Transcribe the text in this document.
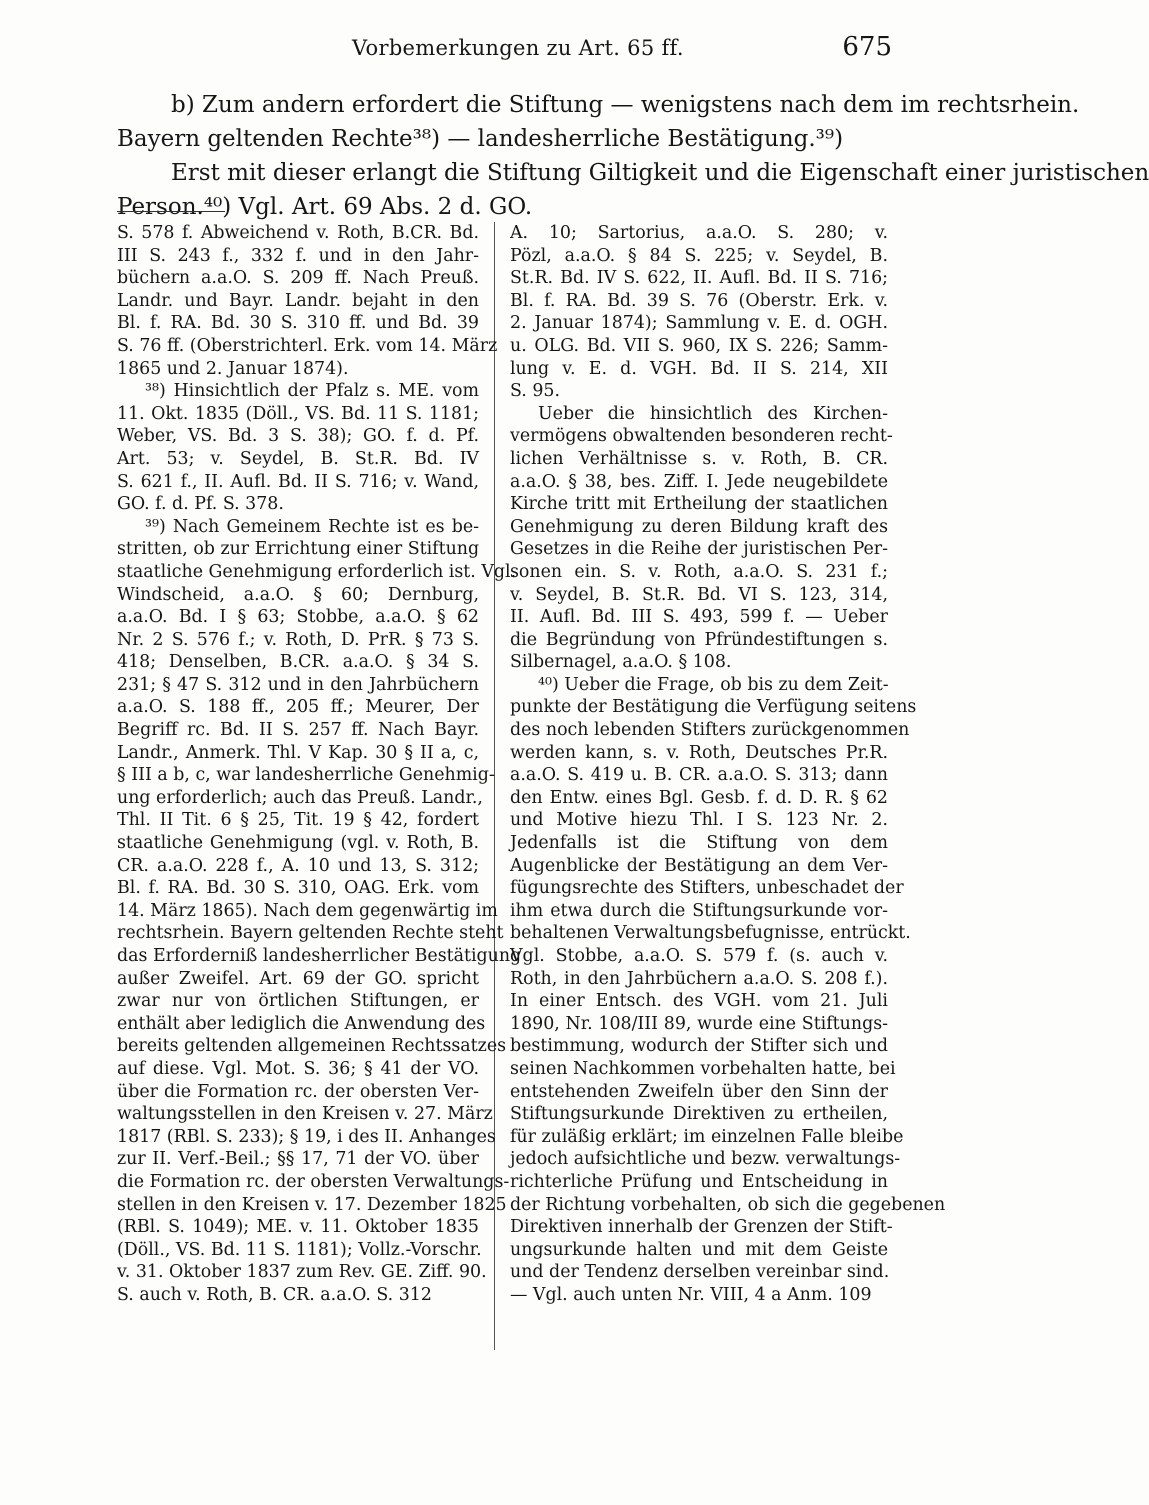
Vorbemerkungen zu Art. 65 ff.	675
b) Zum andern erfordert die Stiftung — wenigstens nach dem im rechtsrhein.
Bayern geltenden Rechte³⁸) — landesherrliche Bestätigung.³⁹)
Erst mit dieser erlangt die Stiftung Giltigkeit und die Eigenschaft einer juristischen
Person.⁴⁰) Vgl. Art. 69 Abs. 2 d. GO.
S. 578 f. Abweichend v. Roth, B.CR. Bd.
III S. 243 f., 332 f. und in den Jahr-
büchern a.a.O. S. 209 ff. Nach Preuß.
Landr. und Bayr. Landr. bejaht in den
Bl. f. RA. Bd. 30 S. 310 ff. und Bd. 39
S. 76 ff. (Oberstrichterl. Erk. vom 14. März
1865 und 2. Januar 1874).
³⁸) Hinsichtlich der Pfalz s. ME. vom
11. Okt. 1835 (Döll., VS. Bd. 11 S. 1181;
Weber, VS. Bd. 3 S. 38); GO. f. d. Pf.
Art. 53; v. Seydel, B. St.R. Bd. IV
S. 621 f., II. Aufl. Bd. II S. 716; v. Wand,
GO. f. d. Pf. S. 378.
³⁹) Nach Gemeinem Rechte ist es be-
stritten, ob zur Errichtung einer Stiftung
staatliche Genehmigung erforderlich ist. Vgl.
Windscheid, a.a.O. § 60; Dernburg,
a.a.O. Bd. I § 63; Stobbe, a.a.O. § 62
Nr. 2 S. 576 f.; v. Roth, D. PrR. § 73 S.
418; Denselben, B.CR. a.a.O. § 34 S.
231; § 47 S. 312 und in den Jahrbüchern
a.a.O. S. 188 ff., 205 ff.; Meurer, Der
Begriff rc. Bd. II S. 257 ff. Nach Bayr.
Landr., Anmerk. Thl. V Kap. 30 § II a, c,
§ III a b, c, war landesherrliche Genehmig-
ung erforderlich; auch das Preuß. Landr.,
Thl. II Tit. 6 § 25, Tit. 19 § 42, fordert
staatliche Genehmigung (vgl. v. Roth, B.
CR. a.a.O. 228 f., A. 10 und 13, S. 312;
Bl. f. RA. Bd. 30 S. 310, OAG. Erk. vom
14. März 1865). Nach dem gegenwärtig im
rechtsrhein. Bayern geltenden Rechte steht
das Erforderniß landesherrlicher Bestätigung
außer Zweifel. Art. 69 der GO. spricht
zwar nur von örtlichen Stiftungen, er
enthält aber lediglich die Anwendung des
bereits geltenden allgemeinen Rechtssatzes
auf diese. Vgl. Mot. S. 36; § 41 der VO.
über die Formation rc. der obersten Ver-
waltungsstellen in den Kreisen v. 27. März
1817 (RBl. S. 233); § 19, i des II. Anhanges
zur II. Verf.-Beil.; §§ 17, 71 der VO. über
die Formation rc. der obersten Verwaltungs-
stellen in den Kreisen v. 17. Dezember 1825
(RBl. S. 1049); ME. v. 11. Oktober 1835
(Döll., VS. Bd. 11 S. 1181); Vollz.-Vorschr.
v. 31. Oktober 1837 zum Rev. GE. Ziff. 90.
S. auch v. Roth, B. CR. a.a.O. S. 312
A. 10; Sartorius, a.a.O. S. 280; v.
Pözl, a.a.O. § 84 S. 225; v. Seydel, B.
St.R. Bd. IV S. 622, II. Aufl. Bd. II S. 716;
Bl. f. RA. Bd. 39 S. 76 (Oberstr. Erk. v.
2. Januar 1874); Sammlung v. E. d. OGH.
u. OLG. Bd. VII S. 960, IX S. 226; Samm-
lung v. E. d. VGH. Bd. II S. 214, XII
S. 95.
Ueber die hinsichtlich des Kirchen-
vermögens obwaltenden besonderen recht-
lichen Verhältnisse s. v. Roth, B. CR.
a.a.O. § 38, bes. Ziff. I. Jede neugebildete
Kirche tritt mit Ertheilung der staatlichen
Genehmigung zu deren Bildung kraft des
Gesetzes in die Reihe der juristischen Per-
sonen ein. S. v. Roth, a.a.O. S. 231 f.;
v. Seydel, B. St.R. Bd. VI S. 123, 314,
II. Aufl. Bd. III S. 493, 599 f. — Ueber
die Begründung von Pfründestiftungen s.
Silbernagel, a.a.O. § 108.
⁴⁰) Ueber die Frage, ob bis zu dem Zeit-
punkte der Bestätigung die Verfügung seitens
des noch lebenden Stifters zurückgenommen
werden kann, s. v. Roth, Deutsches Pr.R.
a.a.O. S. 419 u. B. CR. a.a.O. S. 313; dann
den Entw. eines Bgl. Gesb. f. d. D. R. § 62
und Motive hiezu Thl. I S. 123 Nr. 2.
Jedenfalls ist die Stiftung von dem
Augenblicke der Bestätigung an dem Ver-
fügungsrechte des Stifters, unbeschadet der
ihm etwa durch die Stiftungsurkunde vor-
behaltenen Verwaltungsbefugnisse, entrückt.
Vgl. Stobbe, a.a.O. S. 579 f. (s. auch v.
Roth, in den Jahrbüchern a.a.O. S. 208 f.).
In einer Entsch. des VGH. vom 21. Juli
1890, Nr. 108/III 89, wurde eine Stiftungs-
bestimmung, wodurch der Stifter sich und
seinen Nachkommen vorbehalten hatte, bei
entstehenden Zweifeln über den Sinn der
Stiftungsurkunde Direktiven zu ertheilen,
für zuläßig erklärt; im einzelnen Falle bleibe
jedoch aufsichtliche und bezw. verwaltungs-
richterliche Prüfung und Entscheidung in
der Richtung vorbehalten, ob sich die gegebenen
Direktiven innerhalb der Grenzen der Stift-
ungsurkunde halten und mit dem Geiste
und der Tendenz derselben vereinbar sind.
— Vgl. auch unten Nr. VIII, 4 a Anm. 109
